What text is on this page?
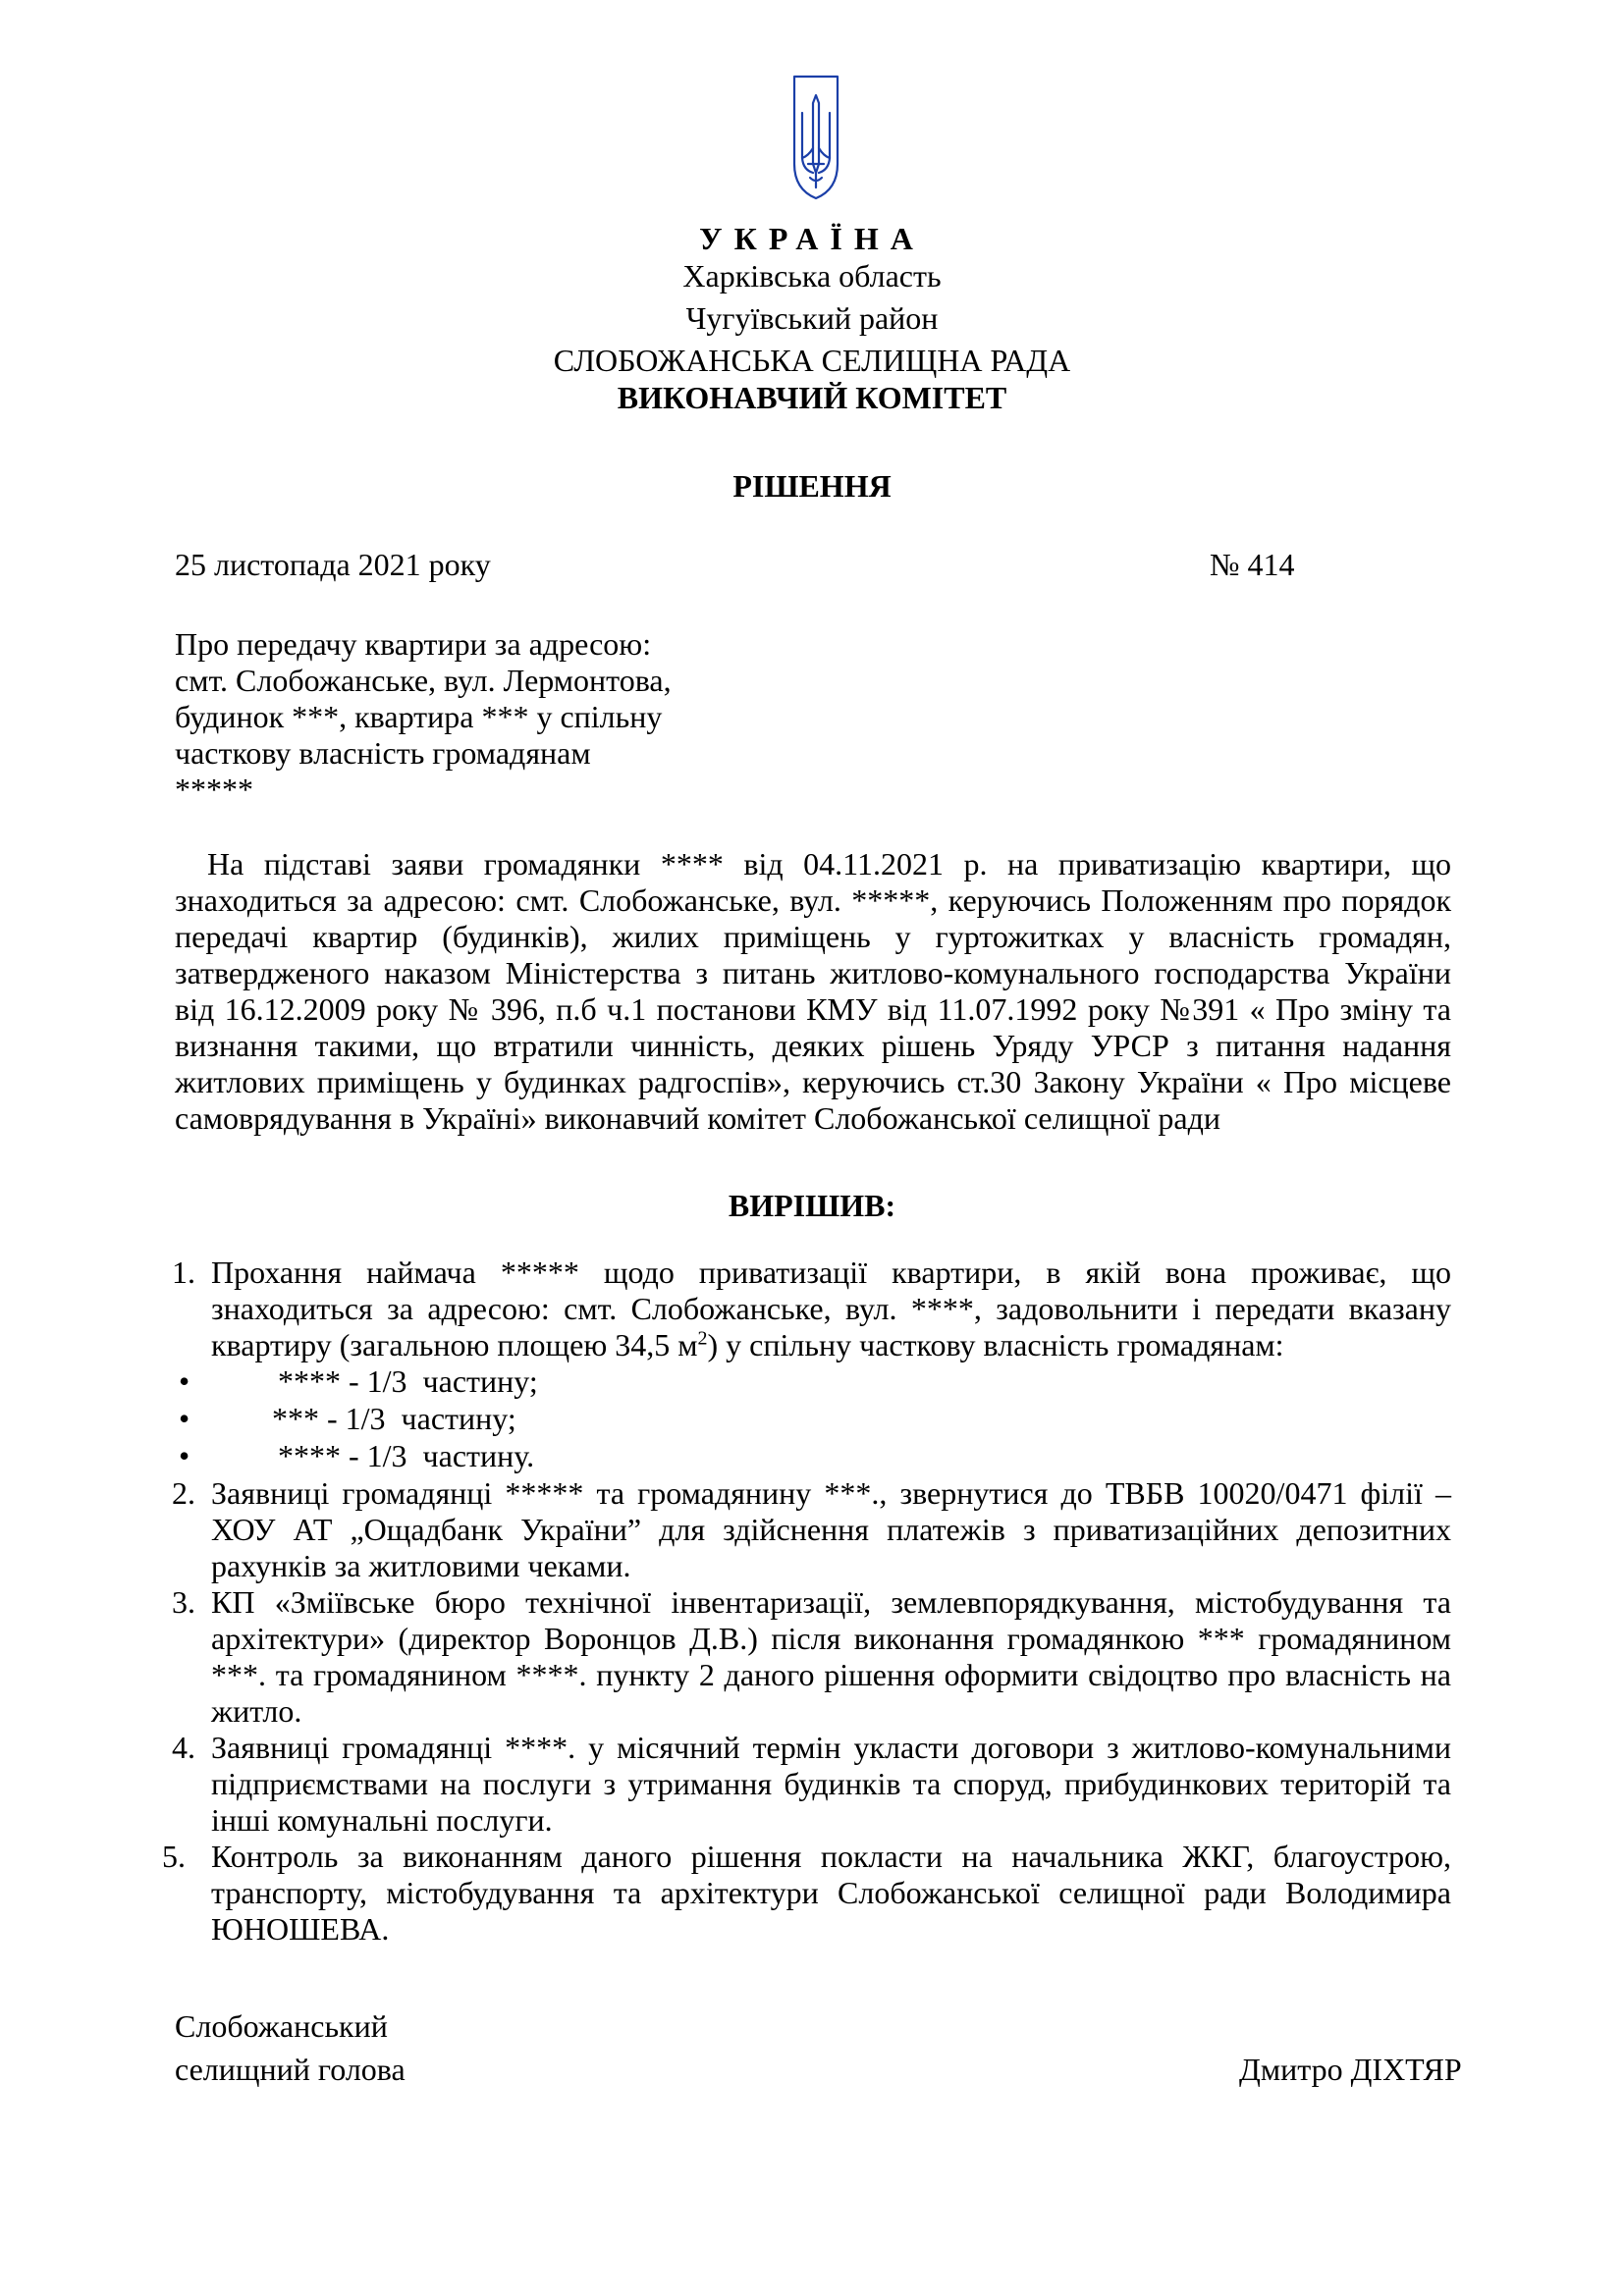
УКРАЇНА
Харківська область
Чугуївський район
СЛОБОЖАНСЬКА СЕЛИЩНА РАДА
ВИКОНАВЧИЙ КОМІТЕТ
РІШЕННЯ
25 листопада 2021 року	№ 414
Про передачу квартири за адресою:
смт. Слобожанське, вул. Лермонтова,
будинок ***, квартира *** у спільну
часткову власність громадянам
*****
На підставі заяви громадянки **** від 04.11.2021 р. на приватизацію квартири, що знаходиться за адресою: смт. Слобожанське, вул. *****, керуючись Положенням про порядок передачі квартир (будинків), жилих приміщень у гуртожитках у власність громадян, затвердженого наказом Міністерства з питань житлово-комунального господарства України від 16.12.2009 року № 396, п.б ч.1 постанови КМУ від 11.07.1992 року №391 « Про зміну та визнання такими, що втратили чинність, деяких рішень Уряду УРСР з питання надання житлових приміщень у будинках радгоспів», керуючись ст.30 Закону України « Про місцеве самоврядування в Україні» виконавчий комітет Слобожанської селищної ради
ВИРІШИВ:
1. Прохання наймача ***** щодо приватизації квартири, в якій вона проживає, що знаходиться за адресою: смт. Слобожанське, вул. ****, задовольнити і передати вказану квартиру (загальною площею 34,5 $м^2$) у спільну часткову власність громадянам:
•	**** - 1/3  частину;
•	*** - 1/3  частину;
•	**** - 1/3  частину.
2. Заявниці громадянці ***** та громадянину ***., звернутися до ТВБВ 10020/0471 філії – ХОУ АТ „Ощадбанк України” для здійснення платежів з приватизаційних депозитних рахунків за житловими чеками.
3. КП «Зміївське бюро технічної інвентаризації, землевпорядкування, містобудування та архітектури» (директор Воронцов Д.В.) після виконання громадянкою *** громадянином ***. та громадянином ****. пункту 2 даного рішення оформити свідоцтво про власність на житло.
4. Заявниці громадянці ****. у місячний термін укласти договори з житлово-комунальними підприємствами на послуги з утримання будинків та споруд, прибудинкових територій та інші комунальні послуги.
5. Контроль за виконанням даного рішення покласти на начальника ЖКГ, благоустрою, транспорту, містобудування та архітектури Слобожанської селищної ради Володимира ЮНОШЕВА.
Слобожанський
селищний голова	Дмитро ДІХТЯР
